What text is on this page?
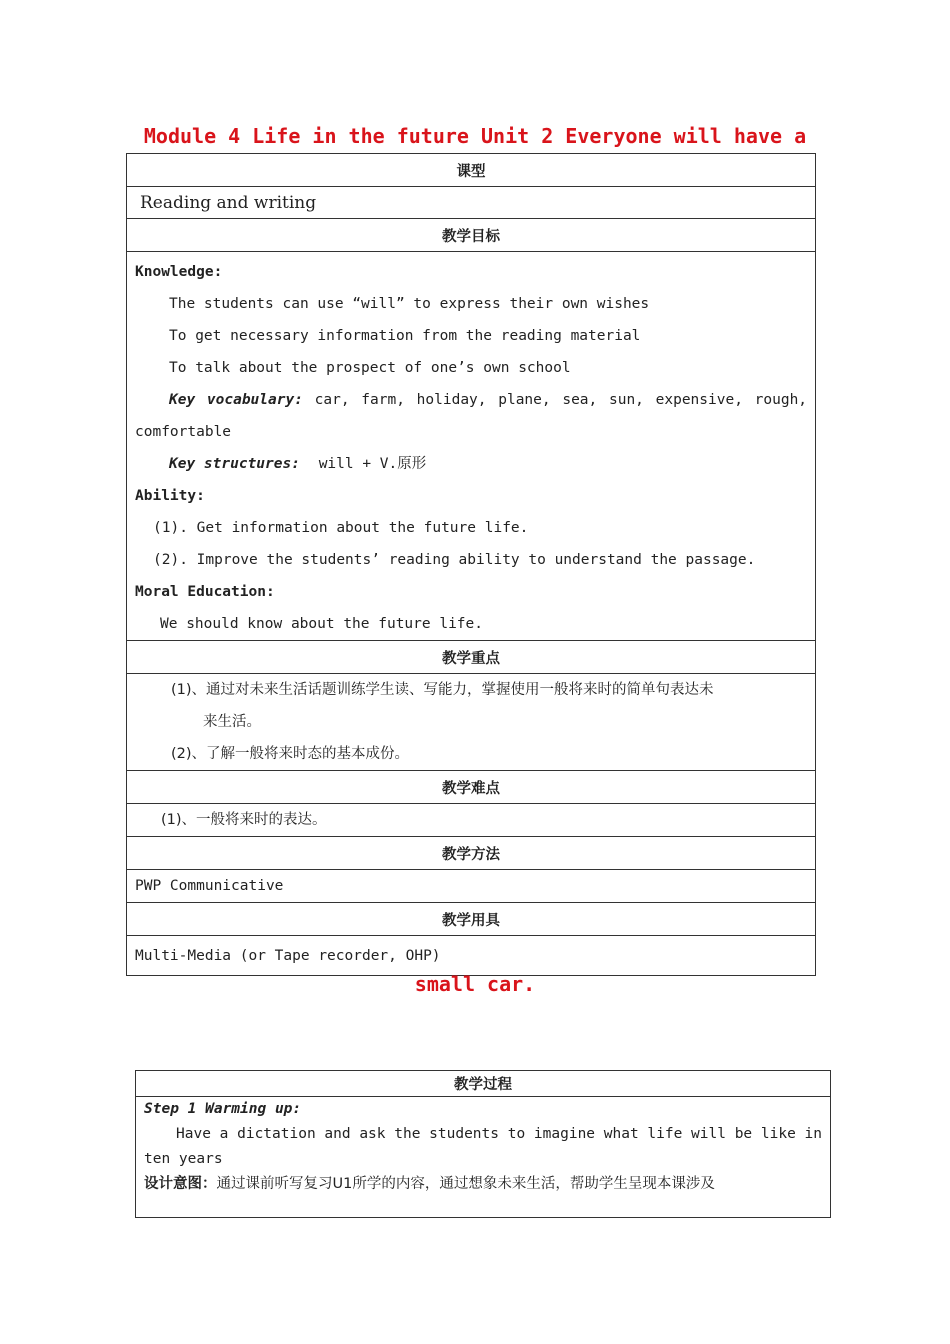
Module 4 Life in the future Unit 2 Everyone will have a
课型
Reading and writing
教学目标

Knowledge:
The students can use “will” to express their own wishes
To get necessary information from the reading material
To talk about the prospect of one’s own school
Key vocabulary: car, farm, holiday, plane, sea, sun, expensive, rough,
comfortable
Key structures: will + V.原形
Ability:
(1). Get information about the future life.
(2). Improve the students’ reading ability to understand the passage.
Moral Education:
We should know about the future life.

教学重点

(1)、通过对未来生活话题训练学生读、写能力，掌握使用一般将来时的简单句表达未
来生活。
(2)、了解一般将来时态的基本成份。

教学难点

(1)、一般将来时的表达。

教学方法
PWP Communicative
教学用具
Multi-Media (or Tape recorder, OHP)
small car.
教学过程

Step 1 Warming up:
Have a dictation and ask the students to imagine what life will be like in
ten years
设计意图：通过课前听写复习U1所学的内容，通过想象未来生活，帮助学生呈现本课涉及
